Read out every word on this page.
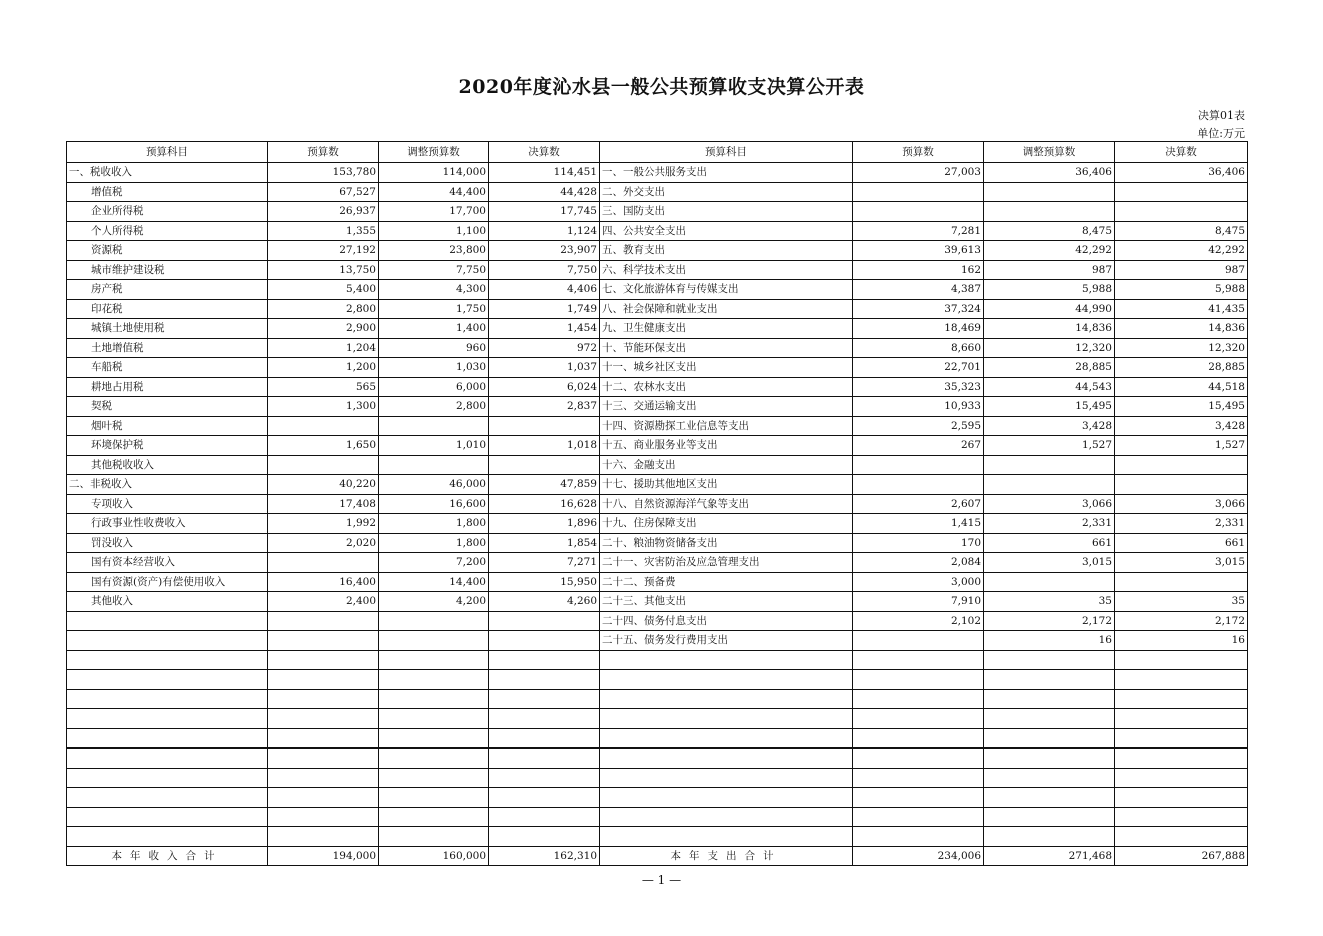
2020年度沁水县一般公共预算收支决算公开表
决算01表
单位:万元
预算科目	预算数	调整预算数	决算数	预算科目	预算数	调整预算数	决算数
一、税收收入	153,780	114,000	114,451	一、一般公共服务支出	27,003	36,406	36,406
增值税	67,527	44,400	44,428	二、外交支出			
企业所得税	26,937	17,700	17,745	三、国防支出			
个人所得税	1,355	1,100	1,124	四、公共安全支出	7,281	8,475	8,475
资源税	27,192	23,800	23,907	五、教育支出	39,613	42,292	42,292
城市维护建设税	13,750	7,750	7,750	六、科学技术支出	162	987	987
房产税	5,400	4,300	4,406	七、文化旅游体育与传媒支出	4,387	5,988	5,988
印花税	2,800	1,750	1,749	八、社会保障和就业支出	37,324	44,990	41,435
城镇土地使用税	2,900	1,400	1,454	九、卫生健康支出	18,469	14,836	14,836
土地增值税	1,204	960	972	十、节能环保支出	8,660	12,320	12,320
车船税	1,200	1,030	1,037	十一、城乡社区支出	22,701	28,885	28,885
耕地占用税	565	6,000	6,024	十二、农林水支出	35,323	44,543	44,518
契税	1,300	2,800	2,837	十三、交通运输支出	10,933	15,495	15,495
烟叶税				十四、资源勘探工业信息等支出	2,595	3,428	3,428
环境保护税	1,650	1,010	1,018	十五、商业服务业等支出	267	1,527	1,527
其他税收收入				十六、金融支出			
二、非税收入	40,220	46,000	47,859	十七、援助其他地区支出			
专项收入	17,408	16,600	16,628	十八、自然资源海洋气象等支出	2,607	3,066	3,066
行政事业性收费收入	1,992	1,800	1,896	十九、住房保障支出	1,415	2,331	2,331
罚没收入	2,020	1,800	1,854	二十、粮油物资储备支出	170	661	661
国有资本经营收入		7,200	7,271	二十一、灾害防治及应急管理支出	2,084	3,015	3,015
国有资源(资产)有偿使用收入	16,400	14,400	15,950	二十二、预备费	3,000		
其他收入	2,400	4,200	4,260	二十三、其他支出	7,910	35	35
				二十四、债务付息支出	2,102	2,172	2,172
				二十五、债务发行费用支出		16	16

本年收入合计	194,000	160,000	162,310	本年支出合计	234,006	271,468	267,888
— 1 —
